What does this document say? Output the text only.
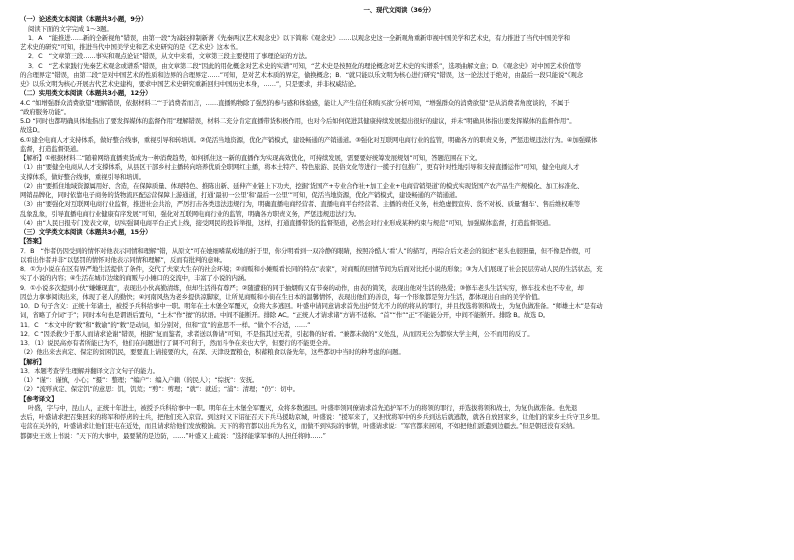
一、现代文阅读（36分）
（一）论述类文本阅读（本题共3小题，9分）
阅读下面的文字完成 1～3题。
1．A　“能推进……新的全新视角”错误，由第一段“为减轻抑制新著《先秦两汉艺术观念史》以下简称《观念史》……以观念史这一全新观角重新审视中国美学和艺术史，有力推进了当代中国美学和
艺术史的研究”可知，推进当代中国美学史和艺术史研究的是《艺术史》这本书。
2．C　“文章第三段……事实和观点论证”错误，从文中来看，文章第三段主要使用了事理论证的方法。
3．C　“艺术家践行先秦艺术观念或谱系”错误，由文章第二段“因此的用化概念对艺术史的实谱”可知，“艺术史是按照化的理论概念对艺术史的实谱系”，选项曲解文意；D．《观念史》对中国艺术价值等
的合理界定”错误，由第二段“是对中国艺术的性质和边界的合理界定……”可知，是对艺术本质的界定，偷换概念；B．“就只能以乐文明为核心进行研究”错误，这一论法过于绝对，由最后一段只能说“《观念
史》以乐文明为核心开展古代艺术史建构，要求中国艺术史研究重新回归中国历史本身，……”，只是要求，并非权威结论。
（二）实用类文本阅读（本题共3小题，12分）
4.C “如增强群众消费欲望”理解错误，依据材料二“‘于消费者而言，……直播购物除了强烈的参与感和体验感，能让人产生信任和购买欲’分析可知，“增强群众的消费欲望”是从消费者角度谈的，不属于
“政府服务功能”。
5.D “同时也都明确具体地指出了要发挥媒体的监督作用”理解错误，材料二充分肯定直播带货积极作用，也对今后如何促进其健康持续发展提出很好的建议，并未“明确具体指出要发挥媒体的监督作用”。
故选D。
6.①建全电商人才支持体系，做好整合线事，重视引导和转培训。②促活当地资源，优化产销模式，建设畅通的产销通道。③强化对互联网电商行业的监管，明确各方的职责义务，严惩违规违法行为。④加强媒体
监督，打造监督渠道。
【解析】①根据材料二“随着网络直播卖货成为一种消费趋势，如何抓住这一新的直播作为实现高效优化，可持续发展，需要要好统筹发展规划”可知，答题范围在下文。
（1）由“要健全电商从人才支撑体系，从县区干部乡村主播转向培养优质全职网红主播，将本土特产、特色旅游、民俗文化等进行一揽子打包推广，更有针对性地引导和支持直播运作”可知，健全电商人才
支撑体系，做好整合线事，重视引导和培训。
（2）由“要抓住地域资源属用好、含造，在保障质量、体现特色、推陈出新、延伸产业链上下功夫，挖掘‘货国产+专业合作社+加工企业+电商营销渠道’的模式实现货国产农产品生产规模化、加工标准化、
网销品牌化，同时依靠电子商务的货物流匹配运营保障上游通道，打通‘最初一公里’和‘最后一公里’”可知，促活当地资源，优化产销模式，建设畅通的产销通道。
（3）由“要强化对互联网电商行业监督，推进社会共治，严厉打击各类违法违规行为，明确直播电商经营者、直播电商平台经营者、主播的责任义务，杜绝虚假宣传、货不对板、质量‘翻车’、售后维权难等
乱象乱象，引导直播电商行业健康有序发展”可知，强化对互联网电商行业的监管，明确各方职责义务，严惩违规违法行为。
（4）由“人民日报专门发表文章，切实强调电商平台正式上线，接受网民的投诉举报，这样，打通直播带货的监督渠道，必然会对行业形成某种约束与规范”可知，加强媒体监督，打造监督渠道。
（三）文学类文本阅读（本题共3小题，15分）
【答案】
7．B　“作者仍因受到的情怀对他表示同情和理解”错，从原文“可在她细嗜谋成地的折于里，你分明看到一双冷静的眼睛，按照冷酷人‘看’人”的描写，再综合后文老会的叙述“老头也很胆量，但不像是作假，可
以看出作者并非“以惩罚的情怀对他表示同情和理解”，反而有批判的意味。
8．①为小说在在区有界严地生活提供了条件，交代了夫家大生存的社会环境；②商贩和小摊贩看长同的特点“表家”，对商贩的回情节间为后面对比托小说的形象；③为人们展现了社会民层劳动人民的生活状态，充
实了小说的内容；④生活在城市边缘的商贩与小摊口的交流中，丰富了小说的内涵。
9．①小说多次提到小伙“嫌嫌现直”，表现出小伙高勤清练，但却生活得有尊严；②随遭谁的同于抽烟购又有节奏的动作，由表的简笑，表现出他对生活的热爱；③修车老头生活实穷，修车技术也不专业，却
因总力拿事阅读出来，体现了老人的勤快；④河南风热为老乡提供凉脚家，让所见商贩和小街在生日本的温馨情怀，表现出他们的善良，每一个形象都是努力生活，都体现出自由的美学价值。
10．D 句子含义：正统十年诸士，被授予兵科给事中一职。明年在土木堡全军覆灭，众将大多逃回。叶盛申请同意请求首先出护贤尤不力的的将从的罪行，并且找选将领和战士，为复仇做准备。“师雄土木”是有动
词，省略了介词“于”；同时本句也是谓语后置句，“土木”作“擅”的状语。中间不能断开。排除 AC。“正统人才请求诸”方请不适称。“首”“作”“正”不能能分开，中间不能断开。排除 B。故选 D。
11．C　“本文中的“敕”和“敕谕”的“敕”是动词，如分别对，但和“宣”的意思不一样。“做个不合适，……”
12．C “因杀救少于那人而请求论谢”错误，根据“复而鉴者，求者送以鲁请”可知，不是指其过无者，引起鲁的好看。“兼都未做的”义处乱，从而因无公为都察大学主判，公不而用的反了。
13．（1）说民高亦有者所能已为不，他们在问题进行了调不可利于，然而斗争在来也大学，但要行的不能更全并。
（2）他出来去真定、保定的贫困饥民，要要直上请接要的大，在深、天津设置粮仓，积蓄粮食以备先年，这些都切中当时的种考虑的问题。
【解析】
13．本题考查学生理解并翻译文言文句子的能力。
（1）“谨”：谨慎，小心；“摄”：整理；“编户”：编入户籍（的民人）；“综抚”：安抚。
（2）“流殍真定、保定饥”的意思：饥，饥荒；“剪”：剪理；“就”：就近；“浦”：清理；“仍”：切中。
【参考译文】
叶盛，字与中，昆山人，正统十年进士，被授予兵科给事中一职。明年在土木堡全军覆灭，众将多数逃回。叶盛率领同僚请求首先追护军不力的将领的罪行，并选拔将领和战士，为复仇做准备。也先退
去后，叶盛请求把召集回来的将军和俘虏的士兵，把他们充入京营。到这时又下诏征召天下兵马援助京城，叶盛说：“援军来了，又担忧将军中的乡兵到达后就逃散，就各自放回家乡，让他们的家乡士兵守卫乡里。
屯营在关外的，叶盛请求让他们驻屯在近处，而且请求给他们发放粮饷。天下的将官都以出兵为名义，而做不到实际的事情，叶盛请求说：“军官都来居闲，不如把他们派遣到边疆去。”但是朝廷没有采纳。
都御史王竑上书说：“天下的大事中，最要紧的是边防，……”叶盛又上疏说：“选择能掌军事的人担任将帅……”
